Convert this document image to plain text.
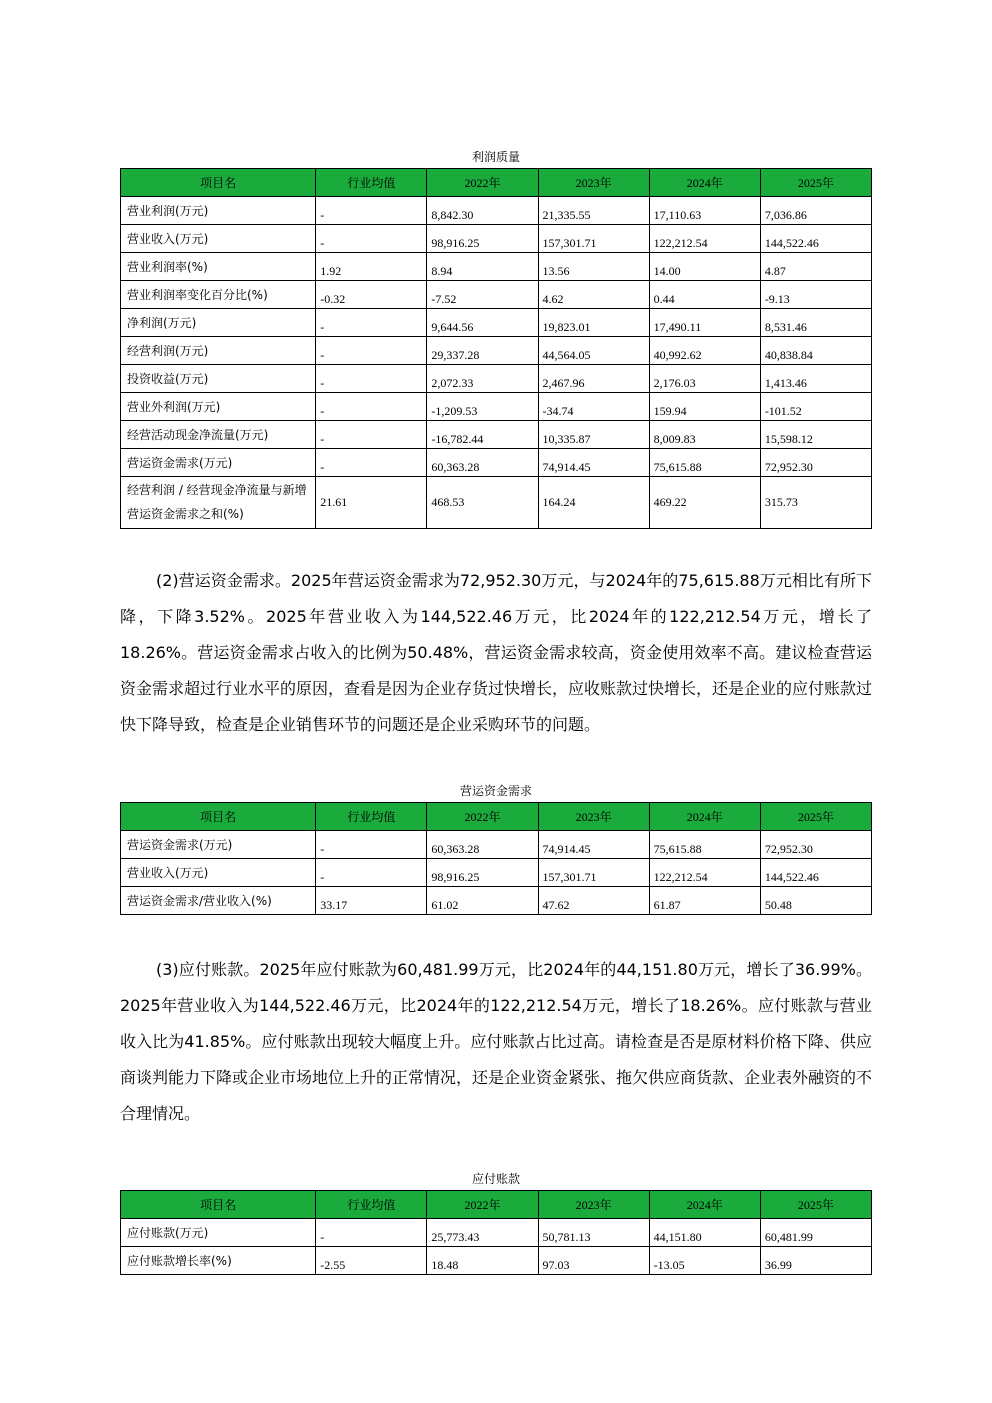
利润质量
项目名	行业均值	2022年	2023年	2024年	2025年
营业利润(万元)	-	8,842.30	21,335.55	17,110.63	7,036.86
营业收入(万元)	-	98,916.25	157,301.71	122,212.54	144,522.46
营业利润率(%)	1.92	8.94	13.56	14.00	4.87
营业利润率变化百分比(%)	-0.32	-7.52	4.62	0.44	-9.13
净利润(万元)	-	9,644.56	19,823.01	17,490.11	8,531.46
经营利润(万元)	-	29,337.28	44,564.05	40,992.62	40,838.84
投资收益(万元)	-	2,072.33	2,467.96	2,176.03	1,413.46
营业外利润(万元)	-	-1,209.53	-34.74	159.94	-101.52
经营活动现金净流量(万元)	-	-16,782.44	10,335.87	8,009.83	15,598.12
营运资金需求(万元)	-	60,363.28	74,914.45	75,615.88	72,952.30
经营利润 / 经营现金净流量与新增营运资金需求之和(%)	21.61	468.53	164.24	469.22	315.73
(2)营运资金需求。2025年营运资金需求为72,952.30万元，与2024年的75,615.88万元相比有所下降，下降3.52%。2025年营业收入为144,522.46万元，比2024年的122,212.54万元，增长了18.26%。营运资金需求占收入的比例为50.48%，营运资金需求较高，资金使用效率不高。建议检查营运资金需求超过行业水平的原因，查看是因为企业存货过快增长，应收账款过快增长，还是企业的应付账款过快下降导致，检查是企业销售环节的问题还是企业采购环节的问题。
营运资金需求
项目名	行业均值	2022年	2023年	2024年	2025年
营运资金需求(万元)	-	60,363.28	74,914.45	75,615.88	72,952.30
营业收入(万元)	-	98,916.25	157,301.71	122,212.54	144,522.46
营运资金需求/营业收入(%)	33.17	61.02	47.62	61.87	50.48
(3)应付账款。2025年应付账款为60,481.99万元，比2024年的44,151.80万元，增长了36.99%。2025年营业收入为144,522.46万元，比2024年的122,212.54万元，增长了18.26%。应付账款与营业收入比为41.85%。应付账款出现较大幅度上升。应付账款占比过高。请检查是否是原材料价格下降、供应商谈判能力下降或企业市场地位上升的正常情况，还是企业资金紧张、拖欠供应商货款、企业表外融资的不合理情况。
应付账款
项目名	行业均值	2022年	2023年	2024年	2025年
应付账款(万元)	-	25,773.43	50,781.13	44,151.80	60,481.99
应付账款增长率(%)	-2.55	18.48	97.03	-13.05	36.99
